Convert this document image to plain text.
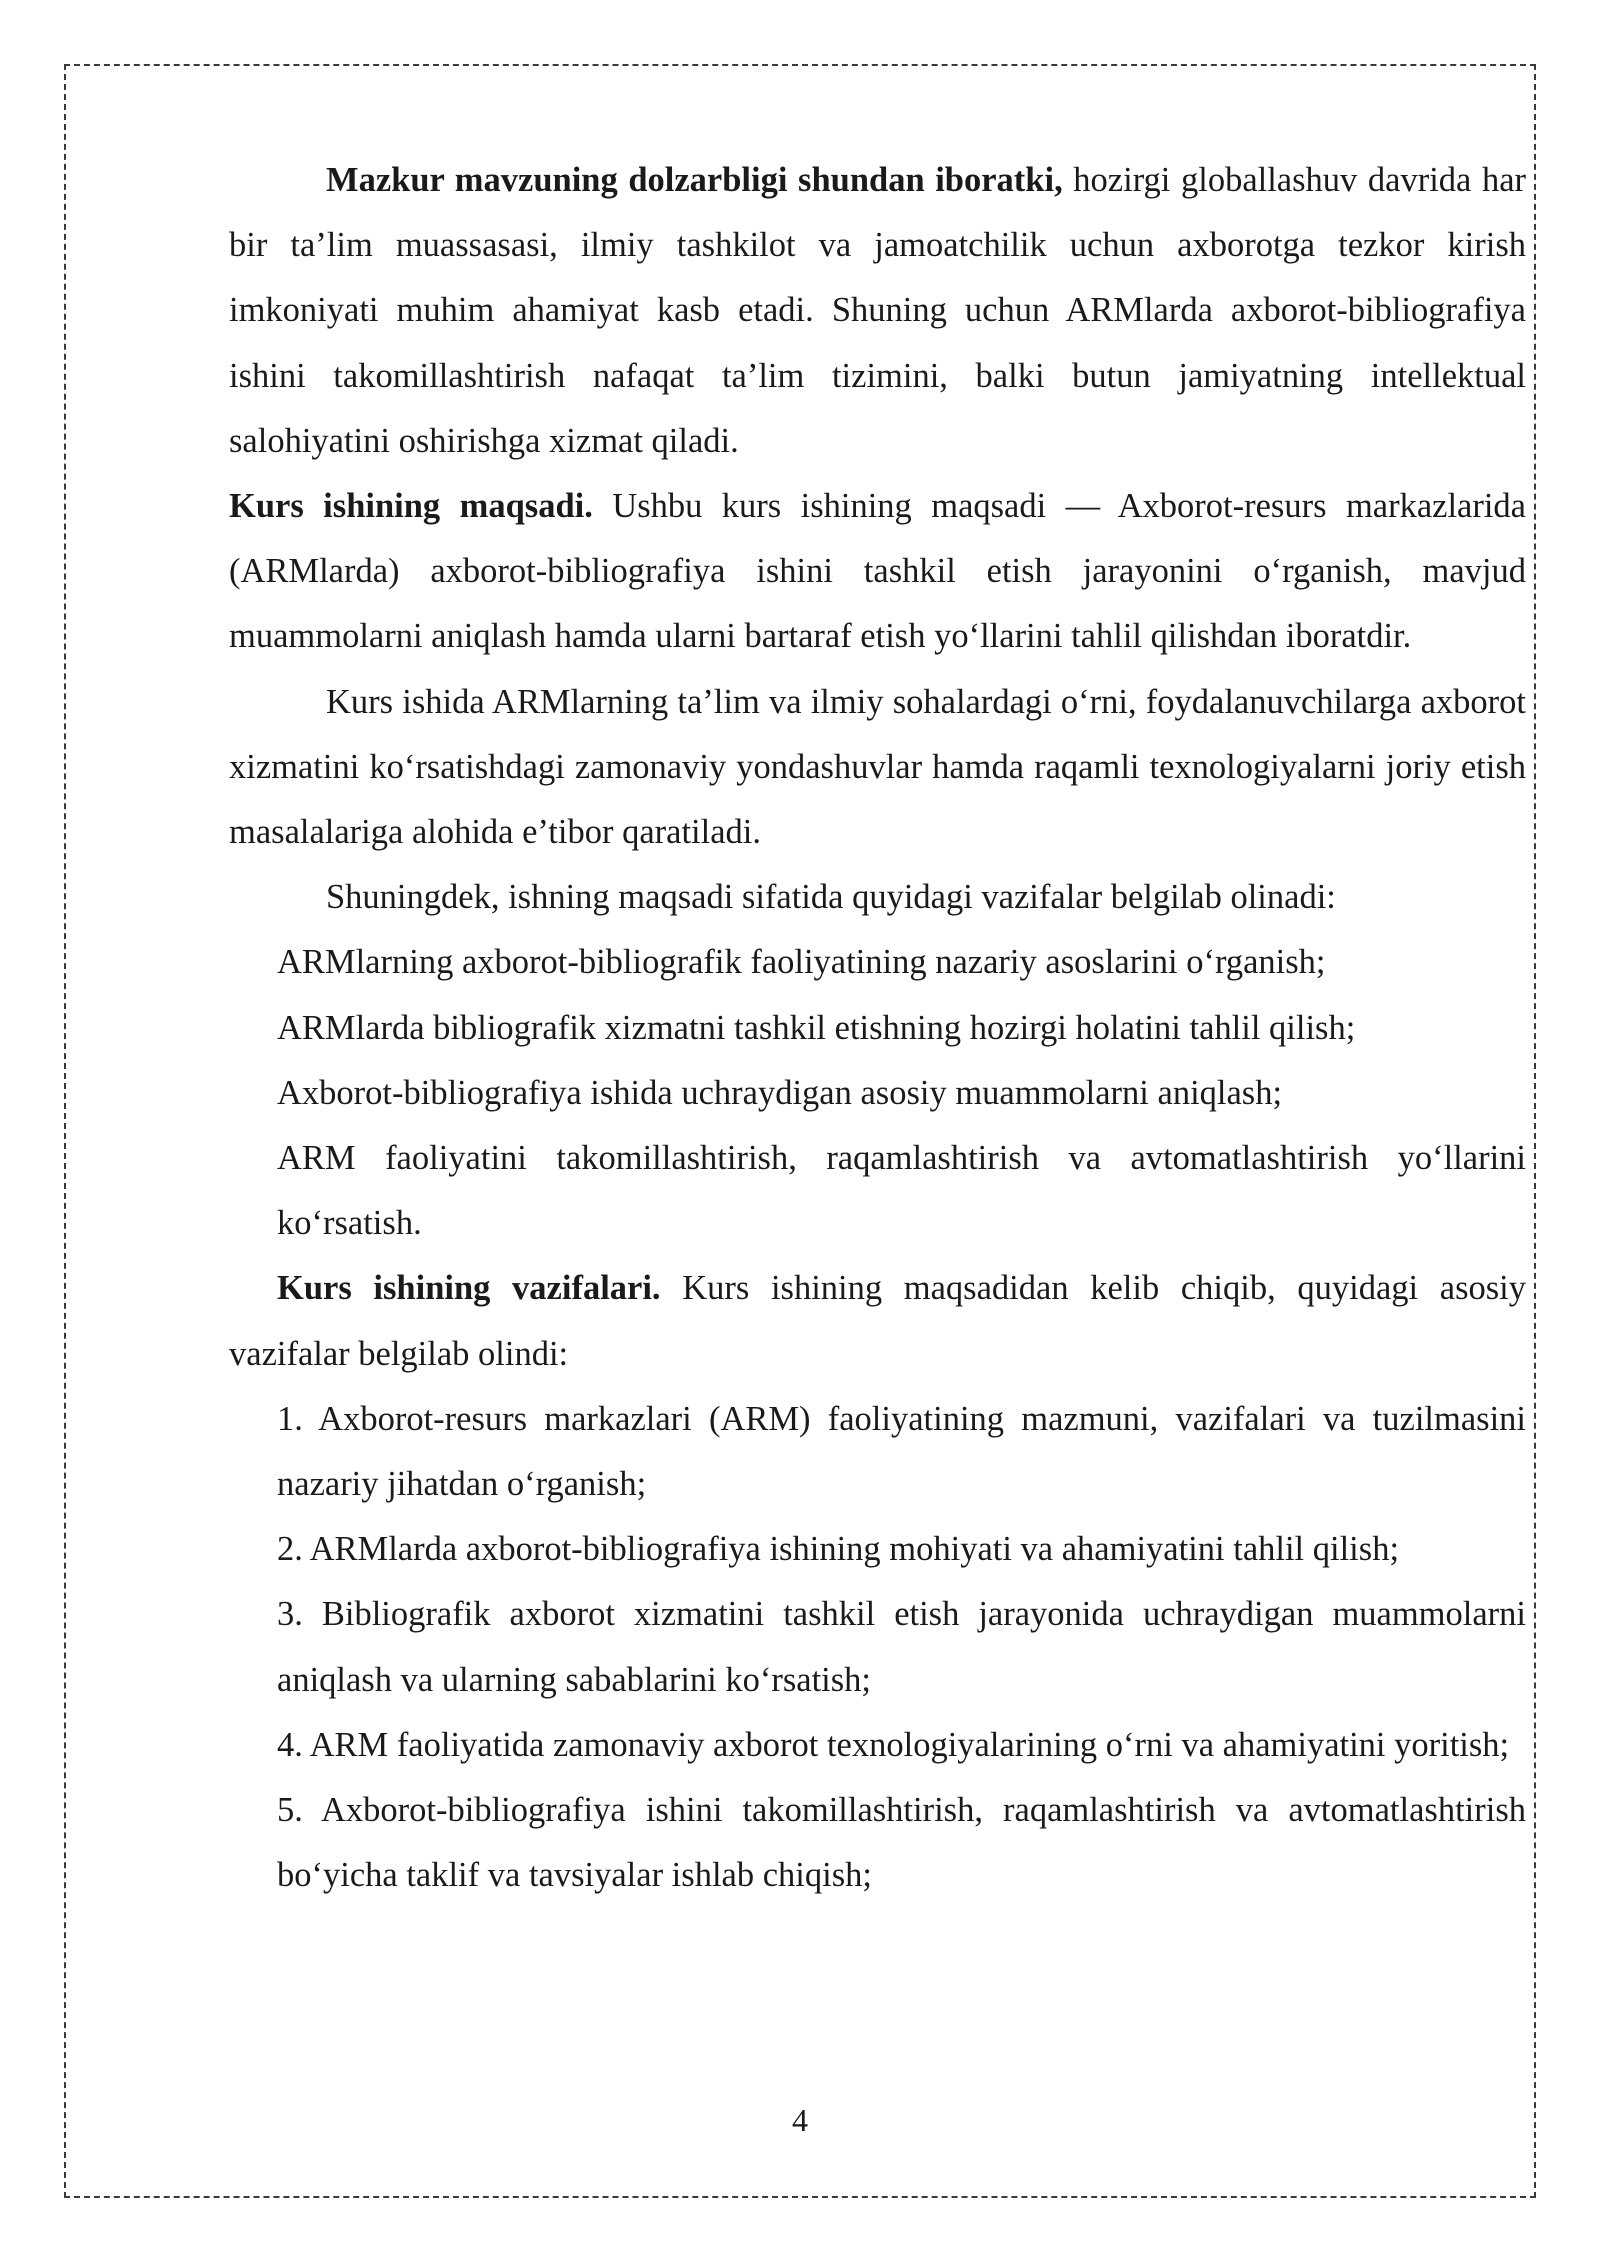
Mazkur mavzuning dolzarbligi shundan iboratki, hozirgi globallashuv davrida har bir ta’lim muassasasi, ilmiy tashkilot va jamoatchilik uchun axborotga tezkor kirish imkoniyati muhim ahamiyat kasb etadi. Shuning uchun ARMlarda axborot-bibliografiya ishini takomillashtirish nafaqat ta’lim tizimini, balki butun jamiyatning intellektual salohiyatini oshirishga xizmat qiladi.

Kurs ishining maqsadi. Ushbu kurs ishining maqsadi — Axborot-resurs markazlarida (ARMlarda) axborot-bibliografiya ishini tashkil etish jarayonini o‘rganish, mavjud muammolarni aniqlash hamda ularni bartaraf etish yo‘llarini tahlil qilishdan iboratdir.

Kurs ishida ARMlarning ta’lim va ilmiy sohalardagi o‘rni, foydalanuvchilarga axborot xizmatini ko‘rsatishdagi zamonaviy yondashuvlar hamda raqamli texnologiyalarni joriy etish masalalariga alohida e’tibor qaratiladi.

Shuningdek, ishning maqsadi sifatida quyidagi vazifalar belgilab olinadi:

ARMlarning axborot-bibliografik faoliyatining nazariy asoslarini o‘rganish;

ARMlarda bibliografik xizmatni tashkil etishning hozirgi holatini tahlil qilish;

Axborot-bibliografiya ishida uchraydigan asosiy muammolarni aniqlash;

ARM faoliyatini takomillashtirish, raqamlashtirish va avtomatlashtirish yo‘llarini ko‘rsatish.

Kurs ishining vazifalari. Kurs ishining maqsadidan kelib chiqib, quyidagi asosiy vazifalar belgilab olindi:

1. Axborot-resurs markazlari (ARM) faoliyatining mazmuni, vazifalari va tuzilmasini nazariy jihatdan o‘rganish;

2. ARMlarda axborot-bibliografiya ishining mohiyati va ahamiyatini tahlil qilish;

3. Bibliografik axborot xizmatini tashkil etish jarayonida uchraydigan muammolarni aniqlash va ularning sabablarini ko‘rsatish;

4. ARM faoliyatida zamonaviy axborot texnologiyalarining o‘rni va ahamiyatini yoritish;

5. Axborot-bibliografiya ishini takomillashtirish, raqamlashtirish va avtomatlashtirish bo‘yicha taklif va tavsiyalar ishlab chiqish;

4
